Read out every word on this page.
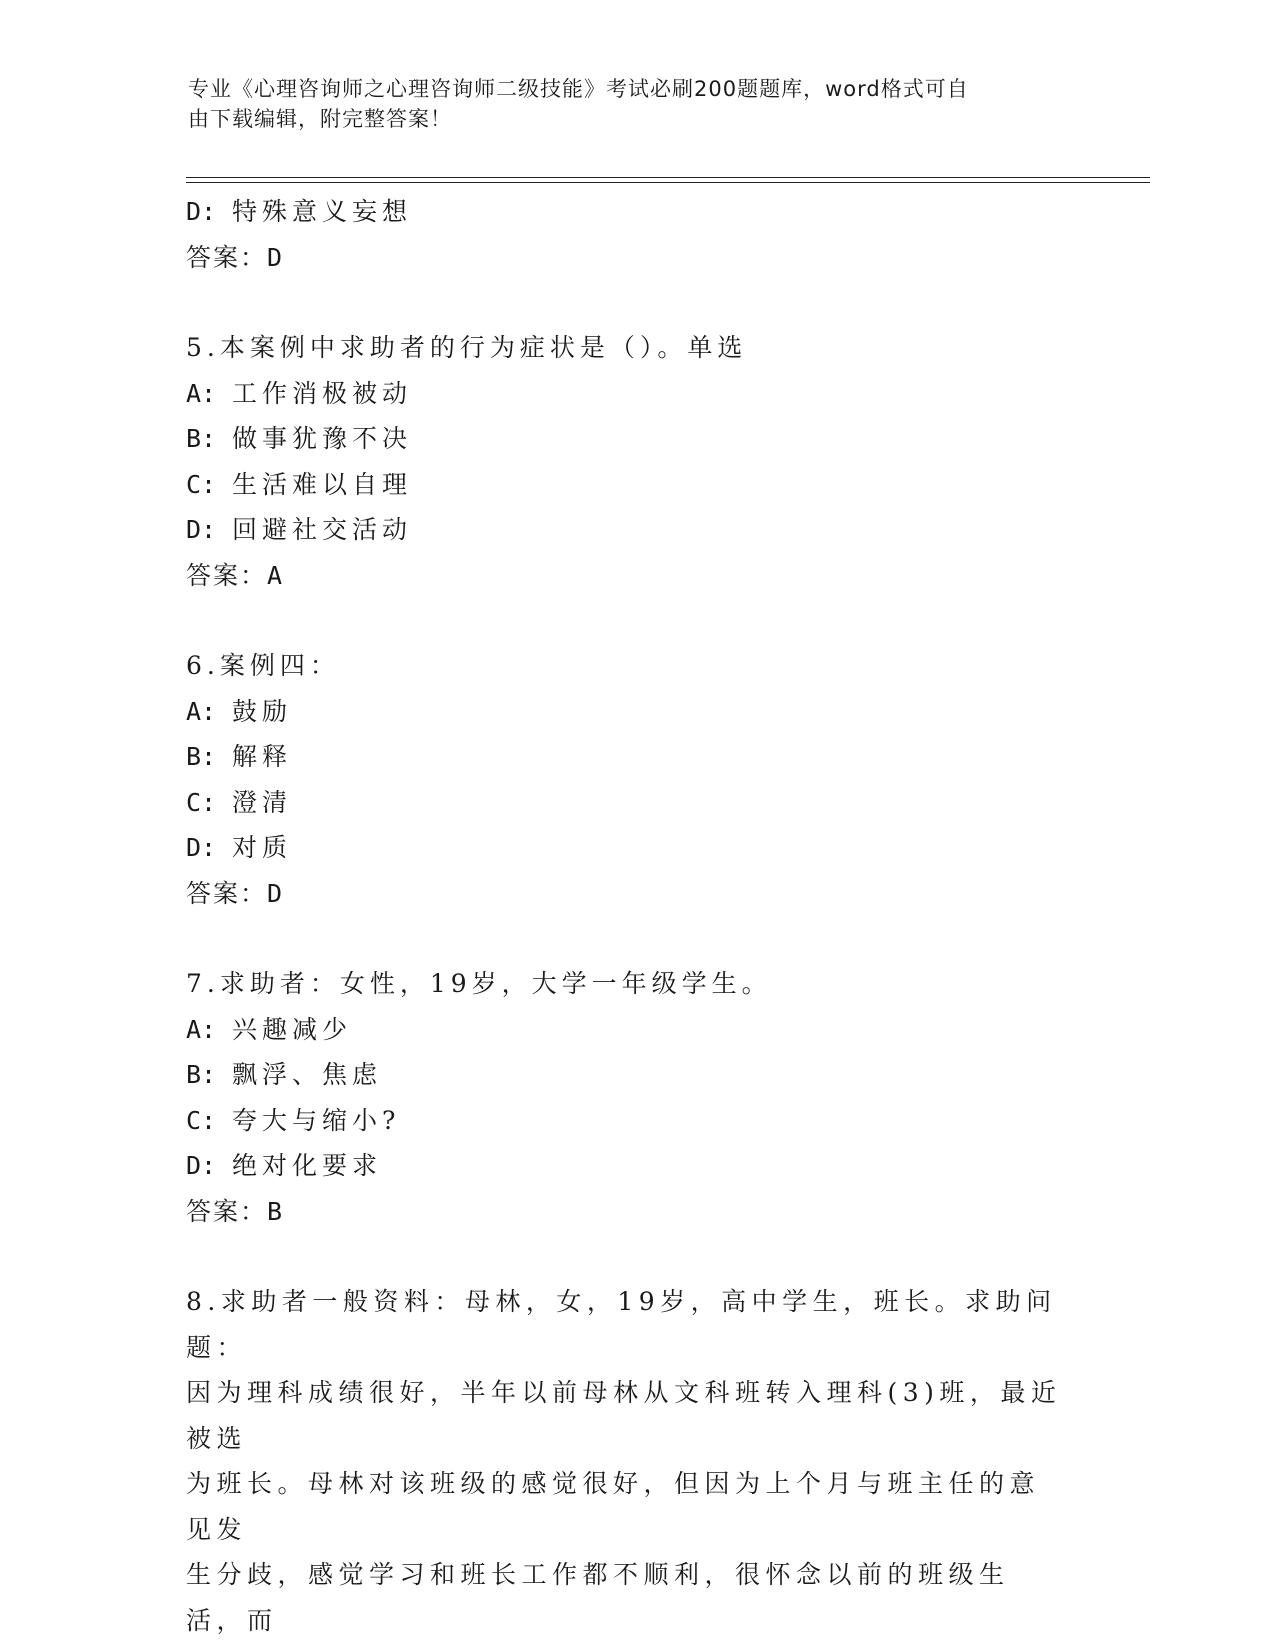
专业《心理咨询师之心理咨询师二级技能》考试必刷200题题库，word格式可自
由下载编辑，附完整答案！
D: 特殊意义妄想
答案：D
5.本案例中求助者的行为症状是（）。单选
A: 工作消极被动
B: 做事犹豫不决
C: 生活难以自理
D: 回避社交活动
答案：A
6.案例四：
A: 鼓励
B: 解释
C: 澄清
D: 对质
答案：D
7.求助者：女性，19岁，大学一年级学生。
A: 兴趣减少
B: 飘浮、焦虑
C: 夸大与缩小?
D: 绝对化要求
答案：B
8.求助者一般资料：母林，女，19岁，高中学生，班长。求助问题：
因为理科成绩很好，半年以前母林从文科班转入理科(3)班，最近被选
为班长。母林对该班级的感觉很好，但因为上个月与班主任的意见发
生分歧，感觉学习和班长工作都不顺利，很怀念以前的班级生活，而
